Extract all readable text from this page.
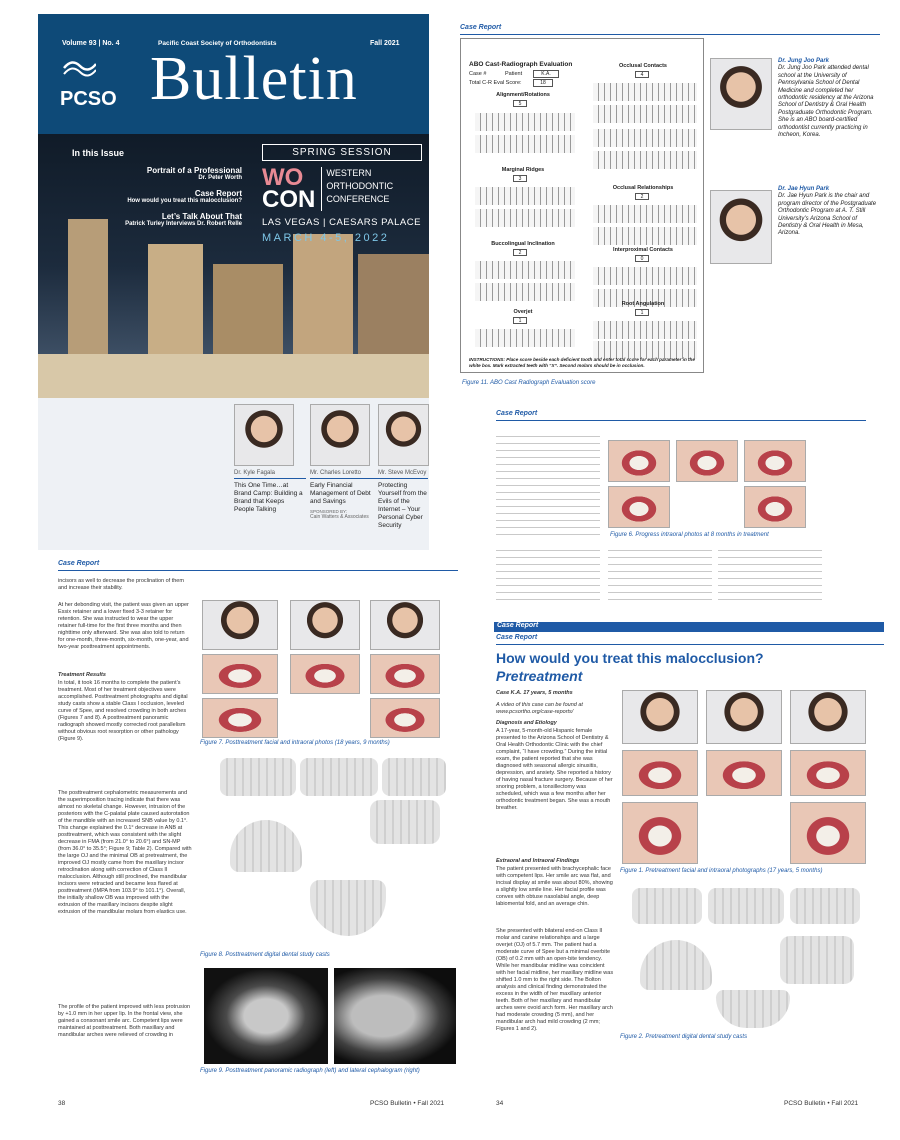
Volume 93 | No. 4	Pacific Coast Society of Orthodontists	Fall 2021
PCSO Bulletin
In this Issue
Portrait of a Professional
Dr. Peter Worth
Case Report
How would you treat this malocclusion?
Let’s Talk About That
Patrick Turley Interviews Dr. Robert Relle
SPRING SESSION
WO
CON
WESTERN
ORTHODONTIC
CONFERENCE
LAS VEGAS | CAESARS PALACE
MARCH 4-5, 2022
Dr. Kyle Fagala
This One Time…at Brand Camp: Building a Brand that Keeps People Talking
Mr. Charles Loretto
Early Financial Management of Debt and Savings
SPONSORED BY:
Cain Watters & Associates
Mr. Steve McEvoy
Protecting Yourself from the Evils of the Internet – Your Personal Cyber Security
Case Report
ABO Cast-Radiograph Evaluation
Case #	Patient	K.A.
Total C-R Eval Score:	18
Alignment/Rotations
5
Marginal Ridges
3
Buccolingual Inclination
2
Overjet
1
Occlusal Contacts
4
Occlusal Relationships
2
Interproximal Contacts
0
Root Angulation
1
INSTRUCTIONS: Place score beside each deficient tooth and enter total score for each parameter in the white box. Mark extracted teeth with “X”. Second molars should be in occlusion.
Figure 11. ABO Cast Radiograph Evaluation score
Dr. Jung Joo Park
Dr. Jung Joo Park attended dental school at the University of Pennsylvania School of Dental Medicine and completed her orthodontic residency at the Arizona School of Dentistry & Oral Health Postgraduate Orthodontic Program. She is an ABO board-certified orthodontist currently practicing in Incheon, Korea.
Dr. Jae Hyun Park
Dr. Jae Hyun Park is the chair and program director of the Postgraduate Orthodontic Program at A. T. Still University’s Arizona School of Dentistry & Oral Health in Mesa, Arizona.
Case Report
Figure 6. Progress intraoral photos at 8 months in treatment
Case Report
incisors as well to decrease the proclination of them and increase their stability.
At her debonding visit, the patient was given an upper Essix retainer and a lower fixed 3-3 retainer for retention. She was instructed to wear the upper retainer full-time for the first three months and then nighttime only afterward. She was also told to return for one-month, three-month, six-month, one-year, and two-year posttreatment appointments.
Treatment Results
In total, it took 16 months to complete the patient’s treatment. Most of her treatment objectives were accomplished. Posttreatment photographs and digital study casts show a stable Class I occlusion, leveled curve of Spee, and resolved crowding in both arches (Figures 7 and 8). A posttreatment panoramic radiograph showed mostly corrected root parallelism without obvious root resorption or other pathology (Figure 9).
The posttreatment cephalometric measurements and the superimposition tracing indicate that there was almost no skeletal change. However, intrusion of the posteriors with the C-palatal plate caused autorotation of the mandible with an increased SNB value by 0.1°. This change explained the 0.1° decrease in ANB at posttreatment, which was consistent with the slight decrease in FMA (from 21.0° to 20.6°) and SN-MP (from 36.0° to 35.5°; Figure 9; Table 2). Compared with the large OJ and the minimal OB at pretreatment, the improved OJ mostly came from the maxillary incisor retroclination along with correction of Class II malocclusion. Although still proclined, the mandibular incisors were retracted and became less flared at posttreatment (IMPA from 103.9° to 101.1°). Overall, the initially shallow OB was improved with the extrusion of the maxillary incisors despite slight extrusion of the mandibular molars from elastics use.
The profile of the patient improved with less protrusion by +1.0 mm in her upper lip. In the frontal view, she gained a consonant smile arc. Competent lips were maintained at posttreatment. Both maxillary and mandibular arches were relieved of crowding in
Figure 7. Posttreatment facial and intraoral photos (18 years, 9 months)
Figure 8. Posttreatment digital dental study casts
Figure 9. Posttreatment panoramic radiograph (left) and lateral cephalogram (right)
38	PCSO Bulletin • Fall 2021
Case Report
Case Report
How would you treat this malocclusion?
Pretreatment
Case K.A. 17 years, 5 months
A video of this case can be found at www.pcsortho.org/case-reports/
Diagnosis and Etiology
A 17-year, 5-month-old Hispanic female presented to the Arizona School of Dentistry & Oral Health Orthodontic Clinic with the chief complaint, “I have crowding.” During the initial exam, the patient reported that she was diagnosed with seasonal allergic sinusitis, depression, and anxiety. She reported a history of having nasal fracture surgery. Because of her snoring problem, a tonsillectomy was scheduled, which was a few months after her orthodontic treatment began. She was a mouth breather.
Extraoral and Intraoral Findings
The patient presented with brachycephalic face with competent lips. Her smile arc was flat, and incisal display at smile was about 80%, showing a slightly low smile line. Her facial profile was convex with obtuse nasolabial angle, deep labiomental fold, and an average chin.
She presented with bilateral end-on Class II molar and canine relationships and a large overjet (OJ) of 5.7 mm. The patient had a moderate curve of Spee but a minimal overbite (OB) of 0.2 mm with an open-bite tendency. While her mandibular midline was coincident with her facial midline, her maxillary midline was shifted 1.0 mm to the right side. The Bolton analysis and clinical finding demonstrated the excess in the width of her maxillary anterior teeth. Both of her maxillary and mandibular arches were ovoid arch form. Her maxillary arch had moderate crowding (5 mm), and her mandibular arch had mild crowding (2 mm; Figures 1 and 2).
Figure 1. Pretreatment facial and intraoral photographs (17 years, 5 months)
Figure 2. Pretreatment digital dental study casts
34	PCSO Bulletin • Fall 2021
